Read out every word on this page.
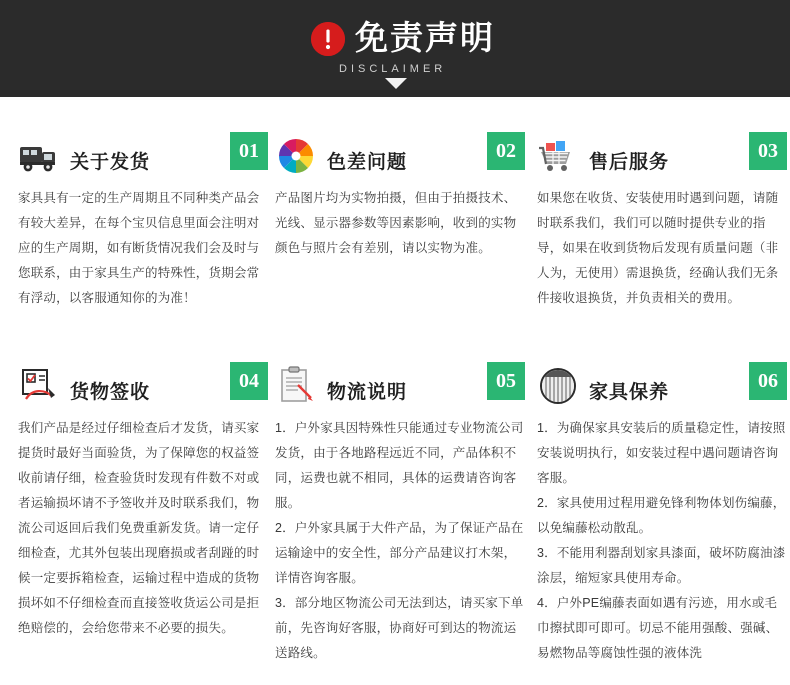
免责声明
DISCLAIMER
关于发货
01

家具具有一定的生产周期且不同种类产品会有较大差异，在每个宝贝信息里面会注明对应的生产周期，如有断货情况我们会及时与您联系，由于家具生产的特殊性，货期会常有浮动，以客服通知你的为准！

色差问题
02

产品图片均为实物拍摄，但由于拍摄技术、光线、显示器参数等因素影响，收到的实物颜色与照片会有差别，请以实物为准。

售后服务
03

如果您在收货、安装使用时遇到问题，请随时联系我们，我们可以随时提供专业的指导，如果在收到货物后发现有质量问题（非人为，无使用）需退换货，经确认我们无条件接收退换货，并负责相关的费用。

货物签收
04

我们产品是经过仔细检查后才发货，请买家提货时最好当面验货，为了保障您的权益签收前请仔细，检查验货时发现有件数不对或者运输损坏请不予签收并及时联系我们，物流公司返回后我们免费重新发货。请一定仔细检查，尤其外包装出现磨损或者刮踫的时候一定要拆箱检查，运输过程中造成的货物损坏如不仔细检查而直接签收货运公司是拒绝赔偿的，会给您带来不必要的损失。

物流说明
05

1．户外家具因特殊性只能通过专业物流公司发货，由于各地路程远近不同，产品体积不同，运费也就不相同，具体的运费请咨询客服。

2．户外家具属于大件产品，为了保证产品在运输途中的安全性，部分产品建议打木架，详情咨询客服。

3．部分地区物流公司无法到达，请买家下单前，先咨询好客服，协商好可到达的物流运送路线。

家具保养
06

1．为确保家具安装后的质量稳定性，请按照安装说明执行，如安装过程中遇问题请咨询客服。

2．家具使用过程用避免锋利物体划伤编藤，以免编藤松动散乱。

3．不能用利器刮划家具漆面，破坏防腐油漆涂层，缩短家具使用寿命。

4．户外PE编藤表面如遇有污迹，用水或毛巾擦拭即可即可。切忌不能用强酸、强碱、易燃物品等腐蚀性强的液体洗
